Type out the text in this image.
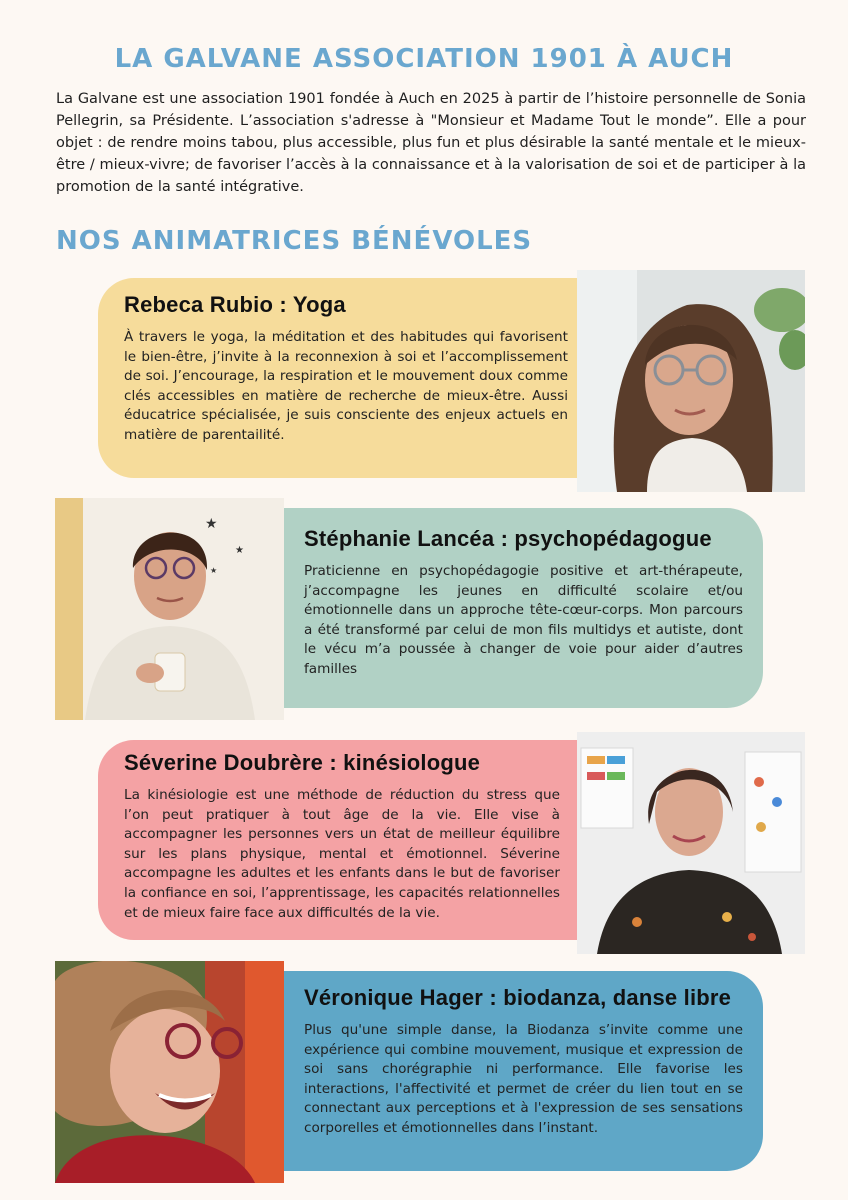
LA GALVANE ASSOCIATION 1901 À AUCH

La Galvane est une association 1901 fondée à Auch en 2025 à partir de l’histoire personnelle de Sonia Pellegrin, sa Présidente. L’association s'adresse à "Monsieur et Madame Tout le monde”. Elle a pour objet : de rendre moins tabou, plus accessible, plus fun et plus désirable la santé mentale et le mieux-être / mieux-vivre; de favoriser l’accès à la connaissance et à la valorisation de soi et de participer à la promotion de la santé intégrative.

NOS ANIMATRICES BÉNÉVOLES
Rebeca Rubio : Yoga

À travers le yoga, la méditation et des habitudes qui favorisent le bien-être, j’invite à la reconnexion à soi et l’accomplissement de soi. J’encourage, la respiration et le mouvement doux comme clés accessibles en matière de recherche de mieux-être. Aussi éducatrice spécialisée, je suis consciente des enjeux actuels en matière de parentailité.

Stéphanie Lancéa : psychopédagogue

Praticienne en psychopédagogie positive et art-thérapeute, j’accompagne les jeunes en difficulté scolaire et/ou émotionnelle dans un approche tête-cœur-corps. Mon parcours a été transformé par celui de mon fils multidys et autiste, dont le vécu m’a poussée à changer de voie pour aider d’autres familles

★
★
★
Séverine Doubrère : kinésiologue

La kinésiologie est une méthode de réduction du stress que l’on peut pratiquer à tout âge de la vie. Elle vise à accompagner les personnes vers un état de meilleur équilibre sur les plans physique, mental et émotionnel. Séverine accompagne les adultes et les enfants dans le but de favoriser la confiance en soi, l’apprentissage, les capacités relationnelles et de mieux faire face aux difficultés de la vie.

Véronique Hager : biodanza, danse libre

Plus qu'une simple danse, la Biodanza s’invite comme une expérience qui combine mouvement, musique et expression de soi sans chorégraphie ni performance. Elle favorise les interactions, l'affectivité et permet de créer du lien tout en se connectant aux perceptions et à l'expression de ses sensations corporelles et émotionnelles dans l’instant.
